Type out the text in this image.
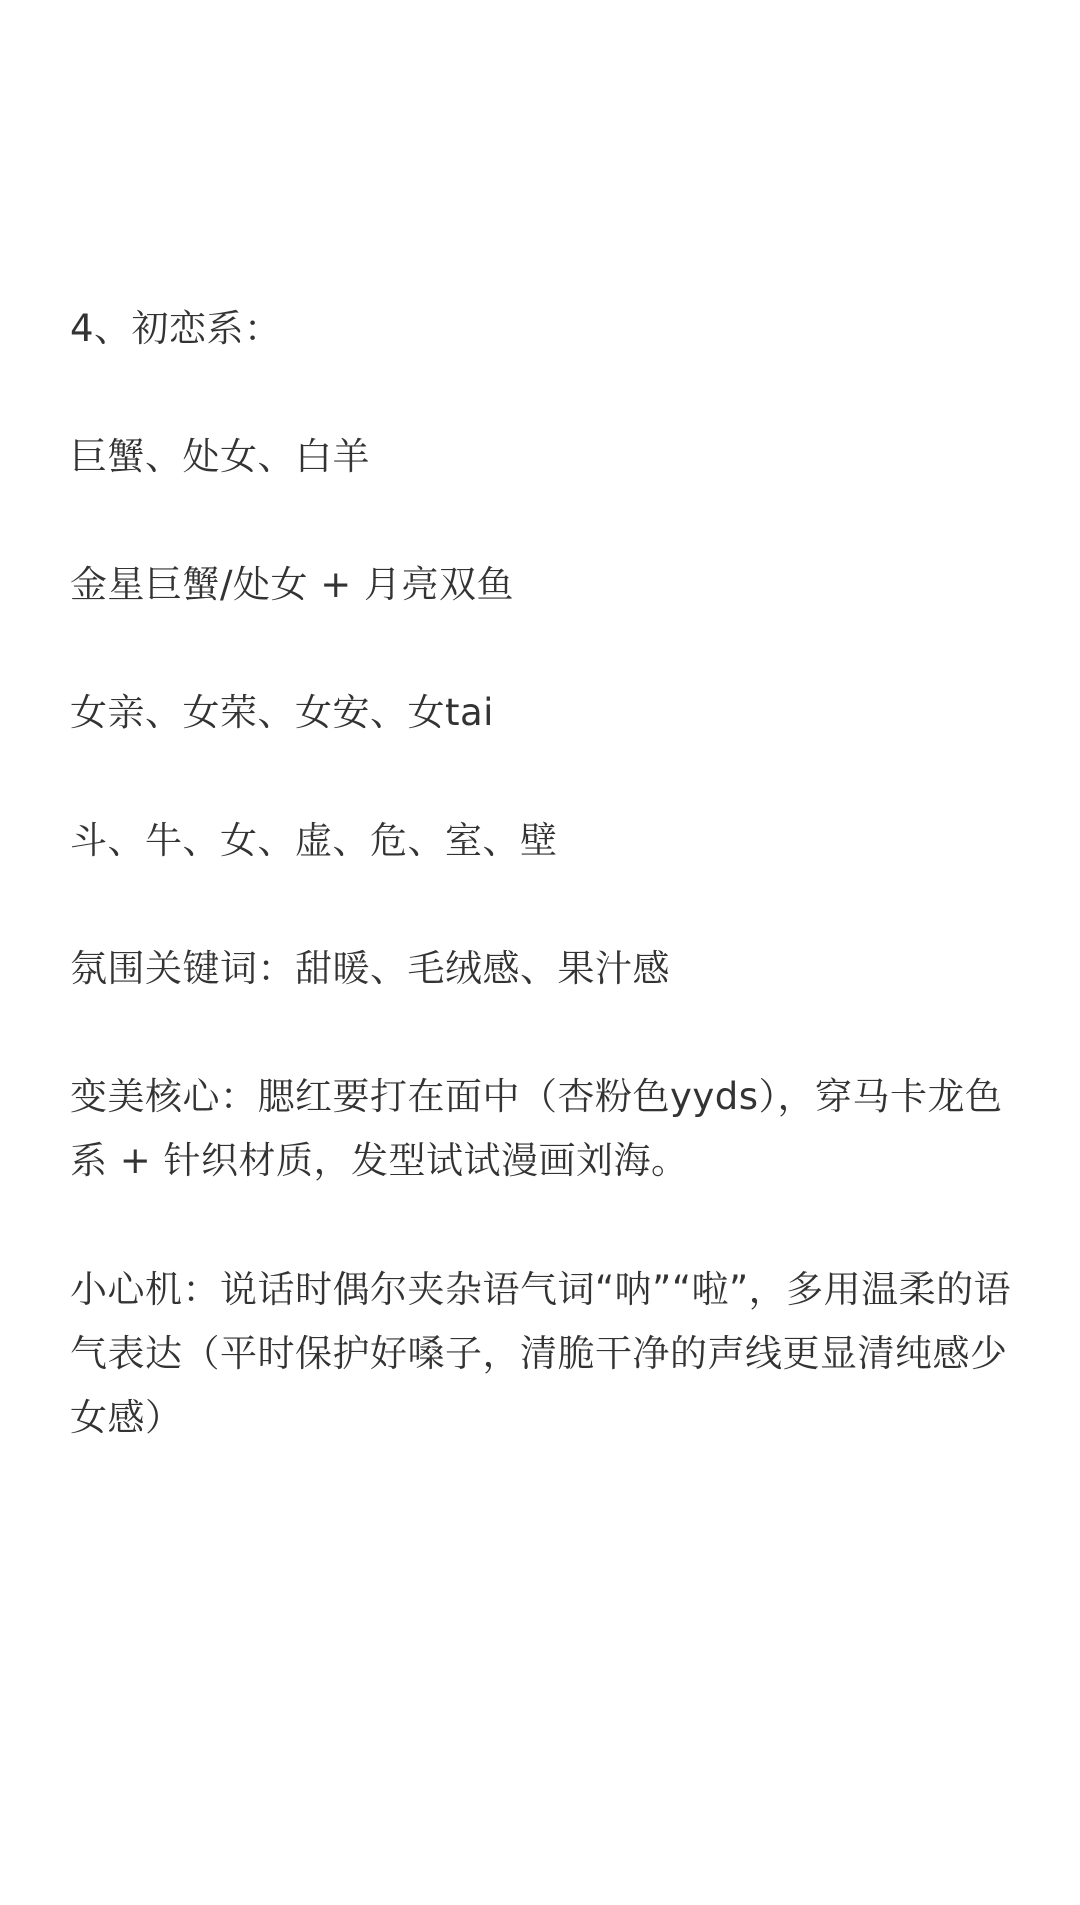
4、初恋系：
巨蟹、处女、白羊
金星巨蟹/处女 + 月亮双鱼
女亲、女荣、女安、女tai
斗、牛、女、虚、危、室、壁
氛围关键词：甜暖、毛绒感、果汁感
变美核心：腮红要打在面中（杏粉色yyds），穿马卡龙色系 + 针织材质，发型试试漫画刘海。
小心机：说话时偶尔夹杂语气词“呐”“啦”，多用温柔的语气表达（平时保护好嗓子，清脆干净的声线更显清纯感少女感）
